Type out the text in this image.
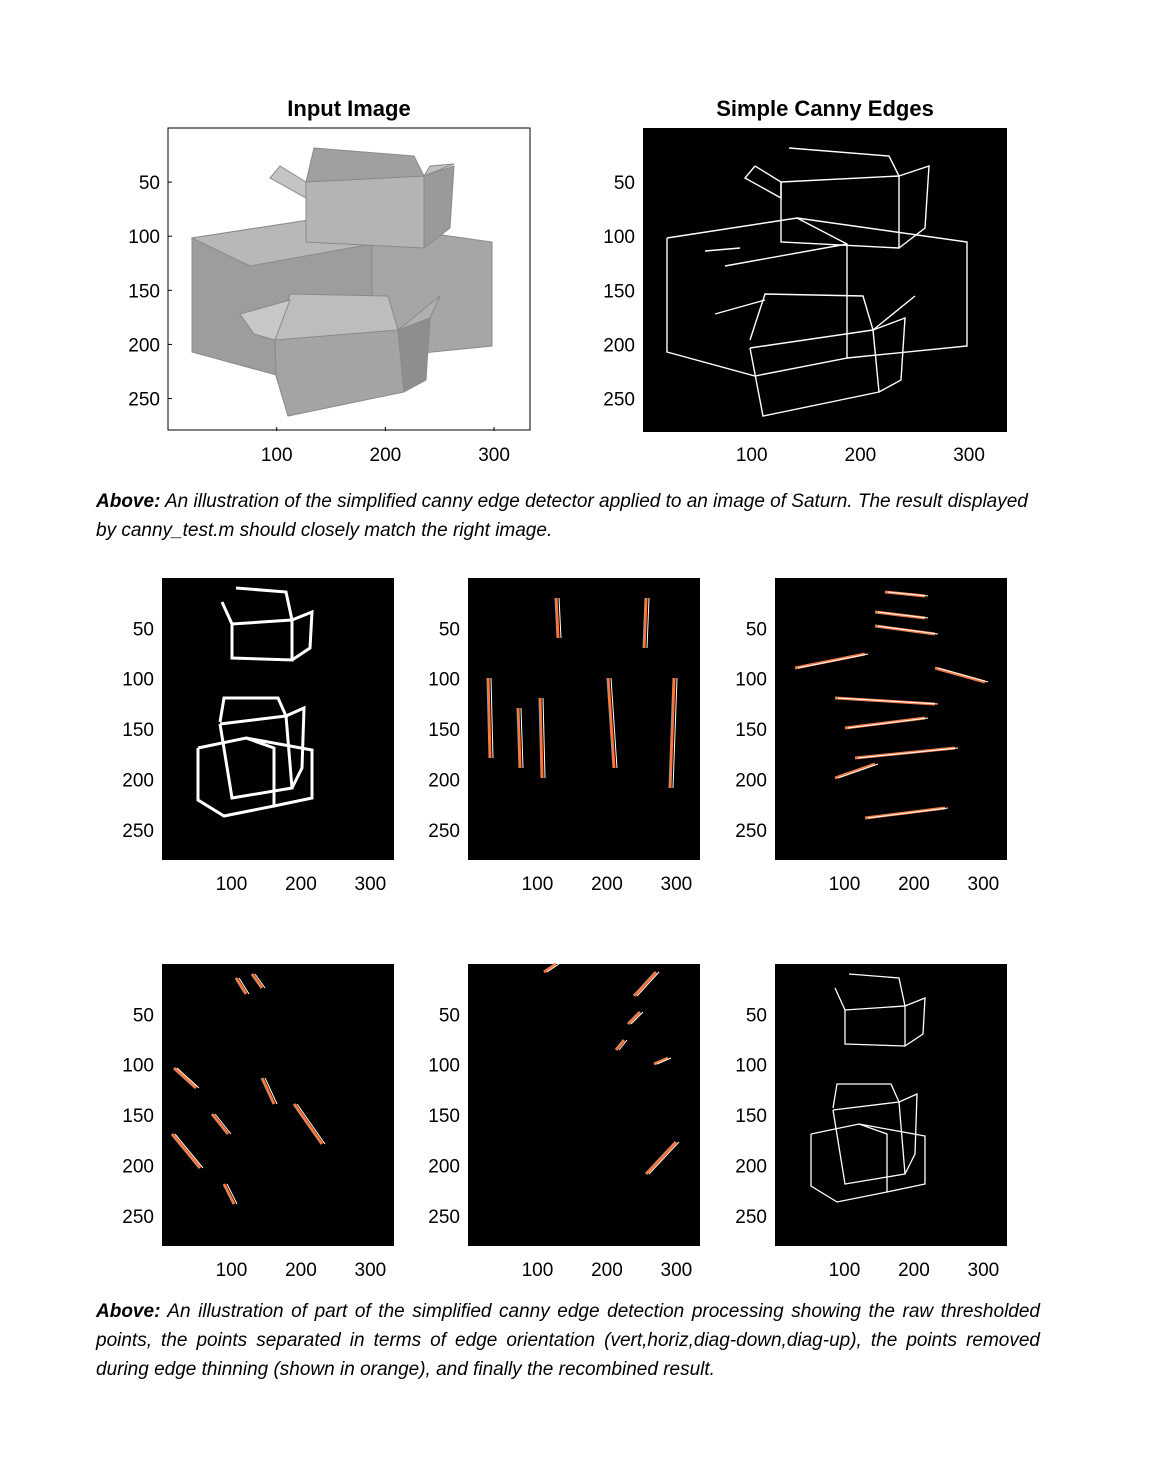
Input Image	Simple Canny Edges
50
100
150
200
250
100	200	300
50
100
150
200
250
100	200	300
Above: An illustration of the simplified canny edge detector applied to an image of Saturn. The result displayed by canny_test.m should closely match the right image.
50
100
150
200
250
100 200 300
50
100
150
200
250
100 200 300
50
100
150
200
250
100 200 300
50
100
150
200
250
100 200 300
50
100
150
200
250
100 200 300
50
100
150
200
250
100 200 300
Above: An illustration of part of the simplified canny edge detection processing showing the raw thresholded points, the points separated in terms of edge orientation (vert,horiz,diag-down,diag-up), the points removed during edge thinning (shown in orange), and finally the recombined result.
